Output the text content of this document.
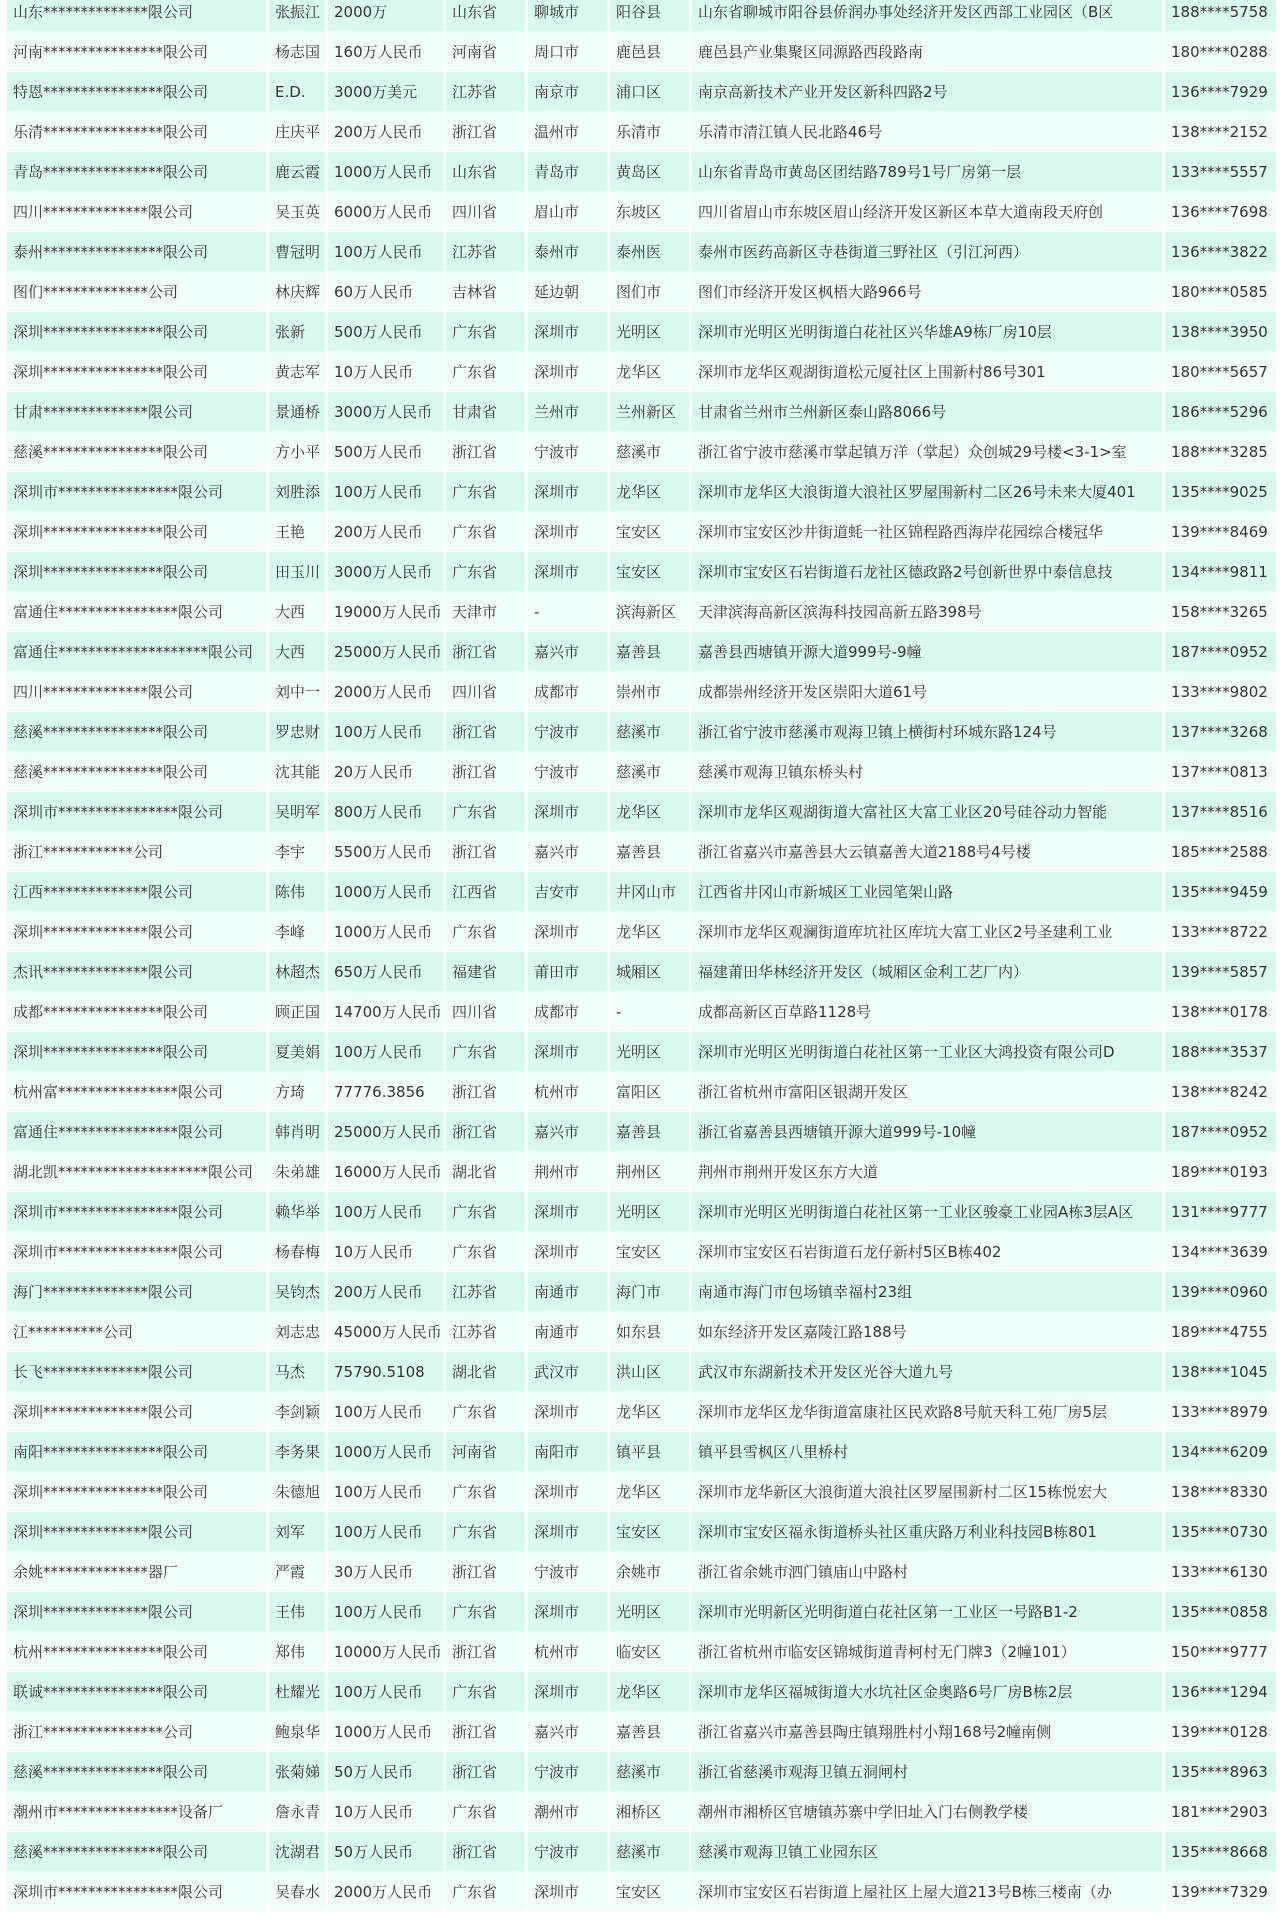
山东**************限公司	张振江	2000万	山东省	聊城市	阳谷县	山东省聊城市阳谷县侨润办事处经济开发区西部工业园区（B区	188****5758
河南****************限公司	杨志国	160万人民币	河南省	周口市	鹿邑县	鹿邑县产业集聚区同源路西段路南	180****0288
特恩****************限公司	E.D.	3000万美元	江苏省	南京市	浦口区	南京高新技术产业开发区新科四路2号	136****7929
乐清****************限公司	庄庆平	200万人民币	浙江省	温州市	乐清市	乐清市清江镇人民北路46号	138****2152
青岛****************限公司	鹿云霞	1000万人民币	山东省	青岛市	黄岛区	山东省青岛市黄岛区团结路789号1号厂房第一层	133****5557
四川**************限公司	吴玉英	6000万人民币	四川省	眉山市	东坡区	四川省眉山市东坡区眉山经济开发区新区本草大道南段天府创	136****7698
泰州****************限公司	曹冠明	100万人民币	江苏省	泰州市	泰州医	泰州市医药高新区寺巷街道三野社区（引江河西）	136****3822
图们**************公司	林庆辉	60万人民币	吉林省	延边朝	图们市	图们市经济开发区枫梧大路966号	180****0585
深圳****************限公司	张新	500万人民币	广东省	深圳市	光明区	深圳市光明区光明街道白花社区兴华雄A9栋厂房10层	138****3950
深圳****************限公司	黄志军	10万人民币	广东省	深圳市	龙华区	深圳市龙华区观湖街道松元厦社区上围新村86号301	180****5657
甘肃**************限公司	景通桥	3000万人民币	甘肃省	兰州市	兰州新区	甘肃省兰州市兰州新区泰山路8066号	186****5296
慈溪****************限公司	方小平	500万人民币	浙江省	宁波市	慈溪市	浙江省宁波市慈溪市掌起镇万洋（掌起）众创城29号楼<3-1>室	188****3285
深圳市****************限公司	刘胜添	100万人民币	广东省	深圳市	龙华区	深圳市龙华区大浪街道大浪社区罗屋围新村二区26号未来大厦401	135****9025
深圳****************限公司	王艳	200万人民币	广东省	深圳市	宝安区	深圳市宝安区沙井街道蚝一社区锦程路西海岸花园综合楼冠华	139****8469
深圳****************限公司	田玉川	3000万人民币	广东省	深圳市	宝安区	深圳市宝安区石岩街道石龙社区德政路2号创新世界中泰信息技	134****9811
富通住****************限公司	大西	19000万人民币	天津市	-	滨海新区	天津滨海高新区滨海科技园高新五路398号	158****3265
富通住********************限公司	大西	25000万人民币	浙江省	嘉兴市	嘉善县	嘉善县西塘镇开源大道999号-9幢	187****0952
四川**************限公司	刘中一	2000万人民币	四川省	成都市	崇州市	成都崇州经济开发区崇阳大道61号	133****9802
慈溪****************限公司	罗忠财	100万人民币	浙江省	宁波市	慈溪市	浙江省宁波市慈溪市观海卫镇上横街村环城东路124号	137****3268
慈溪****************限公司	沈其能	20万人民币	浙江省	宁波市	慈溪市	慈溪市观海卫镇东桥头村	137****0813
深圳市****************限公司	吴明军	800万人民币	广东省	深圳市	龙华区	深圳市龙华区观湖街道大富社区大富工业区20号硅谷动力智能	137****8516
浙江************公司	李宇	5500万人民币	浙江省	嘉兴市	嘉善县	浙江省嘉兴市嘉善县大云镇嘉善大道2188号4号楼	185****2588
江西**************限公司	陈伟	1000万人民币	江西省	吉安市	井冈山市	江西省井冈山市新城区工业园笔架山路	135****9459
深圳**************限公司	李峰	1000万人民币	广东省	深圳市	龙华区	深圳市龙华区观澜街道库坑社区库坑大富工业区2号圣建利工业	133****8722
杰讯**************限公司	林超杰	650万人民币	福建省	莆田市	城厢区	福建莆田华林经济开发区（城厢区金利工艺厂内）	139****5857
成都****************限公司	顾正国	14700万人民币	四川省	成都市	-	成都高新区百草路1128号	138****0178
深圳****************限公司	夏美娟	100万人民币	广东省	深圳市	光明区	深圳市光明区光明街道白花社区第一工业区大鸿投资有限公司D	188****3537
杭州富****************限公司	方琦	77776.3856	浙江省	杭州市	富阳区	浙江省杭州市富阳区银湖开发区	138****8242
富通住****************限公司	韩肖明	25000万人民币	浙江省	嘉兴市	嘉善县	浙江省嘉善县西塘镇开源大道999号-10幢	187****0952
湖北凯********************限公司	朱弟雄	16000万人民币	湖北省	荆州市	荆州区	荆州市荆州开发区东方大道	189****0193
深圳市****************限公司	赖华举	100万人民币	广东省	深圳市	光明区	深圳市光明区光明街道白花社区第一工业区骏豪工业园A栋3层A区	131****9777
深圳市****************限公司	杨春梅	10万人民币	广东省	深圳市	宝安区	深圳市宝安区石岩街道石龙仔新村5区B栋402	134****3639
海门**************限公司	吴钧杰	200万人民币	江苏省	南通市	海门市	南通市海门市包场镇幸福村23组	139****0960
江**********公司	刘志忠	45000万人民币	江苏省	南通市	如东县	如东经济开发区嘉陵江路188号	189****4755
长飞**************限公司	马杰	75790.5108	湖北省	武汉市	洪山区	武汉市东湖新技术开发区光谷大道九号	138****1045
深圳**************限公司	李剑颖	100万人民币	广东省	深圳市	龙华区	深圳市龙华区龙华街道富康社区民欢路8号航天科工苑厂房5层	133****8979
南阳****************限公司	李务果	1000万人民币	河南省	南阳市	镇平县	镇平县雪枫区八里桥村	134****6209
深圳****************限公司	朱德旭	100万人民币	广东省	深圳市	龙华区	深圳市龙华新区大浪街道大浪社区罗屋围新村二区15栋悦宏大	138****8330
深圳**************限公司	刘军	100万人民币	广东省	深圳市	宝安区	深圳市宝安区福永街道桥头社区重庆路万利业科技园B栋801	135****0730
余姚**************器厂	严霞	30万人民币	浙江省	宁波市	余姚市	浙江省余姚市泗门镇庙山中路村	133****6130
深圳**************限公司	王伟	100万人民币	广东省	深圳市	光明区	深圳市光明新区光明街道白花社区第一工业区一号路B1-2	135****0858
杭州****************限公司	郑伟	10000万人民币	浙江省	杭州市	临安区	浙江省杭州市临安区锦城街道青柯村无门牌3（2幢101）	150****9777
联诚****************限公司	杜耀光	100万人民币	广东省	深圳市	龙华区	深圳市龙华区福城街道大水坑社区金奥路6号厂房B栋2层	136****1294
浙江****************公司	鲍泉华	1000万人民币	浙江省	嘉兴市	嘉善县	浙江省嘉兴市嘉善县陶庄镇翔胜村小翔168号2幢南侧	139****0128
慈溪****************限公司	张菊娣	50万人民币	浙江省	宁波市	慈溪市	浙江省慈溪市观海卫镇五洞闸村	135****8963
潮州市****************设备厂	詹永青	10万人民币	广东省	潮州市	湘桥区	潮州市湘桥区官塘镇苏寨中学旧址入门右侧教学楼	181****2903
慈溪****************限公司	沈湖君	50万人民币	浙江省	宁波市	慈溪市	慈溪市观海卫镇工业园东区	135****8668
深圳市****************限公司	吴春水	2000万人民币	广东省	深圳市	宝安区	深圳市宝安区石岩街道上屋社区上屋大道213号B栋三楼南（办	139****7329
